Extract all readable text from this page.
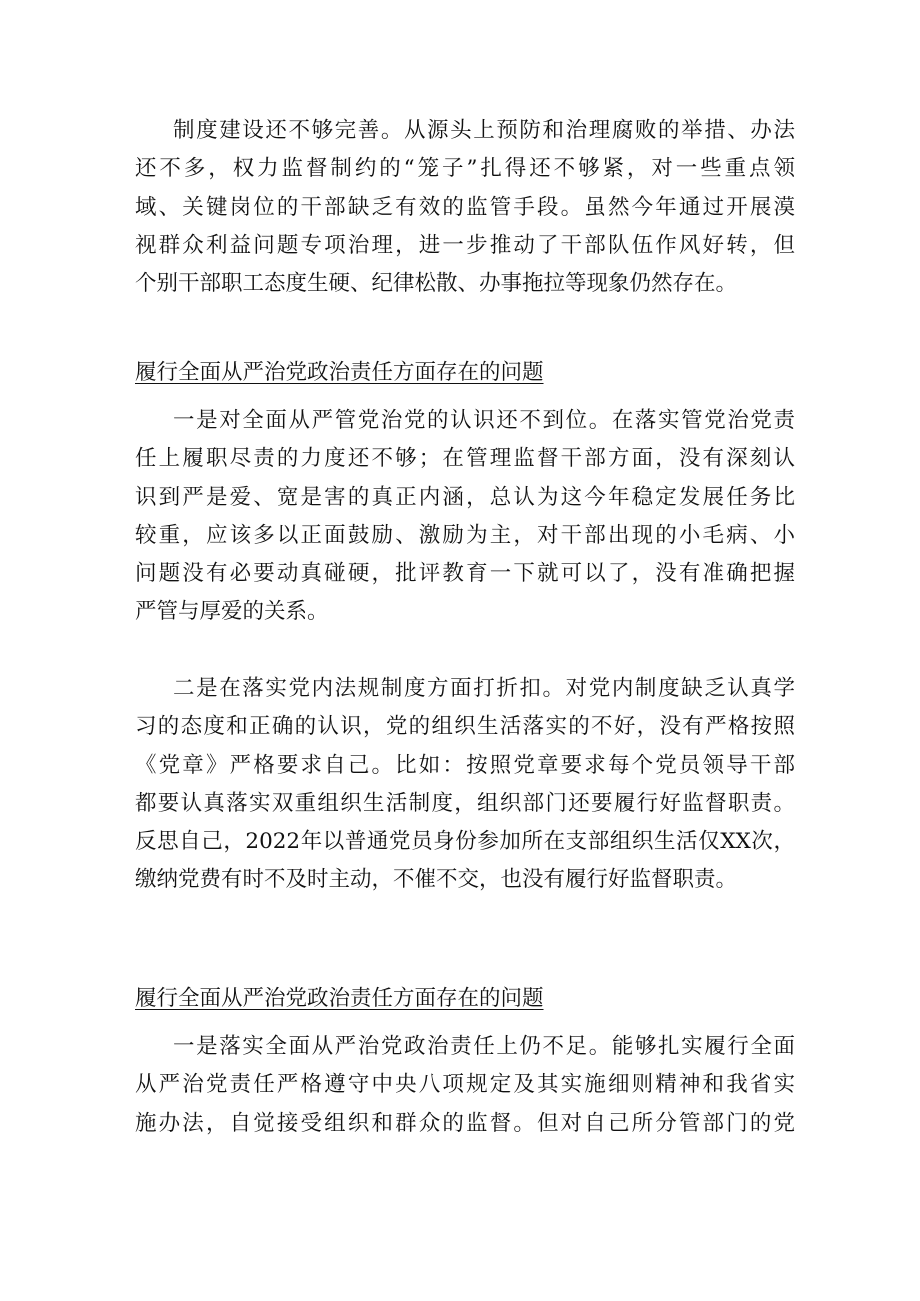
制度建设还不够完善。从源头上预防和治理腐败的举措、办法
还不多，权力监督制约的“笼子”扎得还不够紧，对一些重点领
域、关键岗位的干部缺乏有效的监管手段。虽然今年通过开展漠
视群众利益问题专项治理，进一步推动了干部队伍作风好转，但
个别干部职工态度生硬、纪律松散、办事拖拉等现象仍然存在。
履行全面从严治党政治责任方面存在的问题
一是对全面从严管党治党的认识还不到位。在落实管党治党责
任上履职尽责的力度还不够；在管理监督干部方面，没有深刻认
识到严是爱、宽是害的真正内涵，总认为这今年稳定发展任务比
较重，应该多以正面鼓励、激励为主，对干部出现的小毛病、小
问题没有必要动真碰硬，批评教育一下就可以了，没有准确把握
严管与厚爱的关系。
二是在落实党内法规制度方面打折扣。对党内制度缺乏认真学
习的态度和正确的认识，党的组织生活落实的不好，没有严格按照
《党章》严格要求自己。比如：按照党章要求每个党员领导干部
都要认真落实双重组织生活制度，组织部门还要履行好监督职责。
反思自己，2022年以普通党员身份参加所在支部组织生活仅XX次，
缴纳党费有时不及时主动，不催不交，也没有履行好监督职责。
履行全面从严治党政治责任方面存在的问题
一是落实全面从严治党政治责任上仍不足。能够扎实履行全面
从严治党责任严格遵守中央八项规定及其实施细则精神和我省实
施办法，自觉接受组织和群众的监督。但对自己所分管部门的党
